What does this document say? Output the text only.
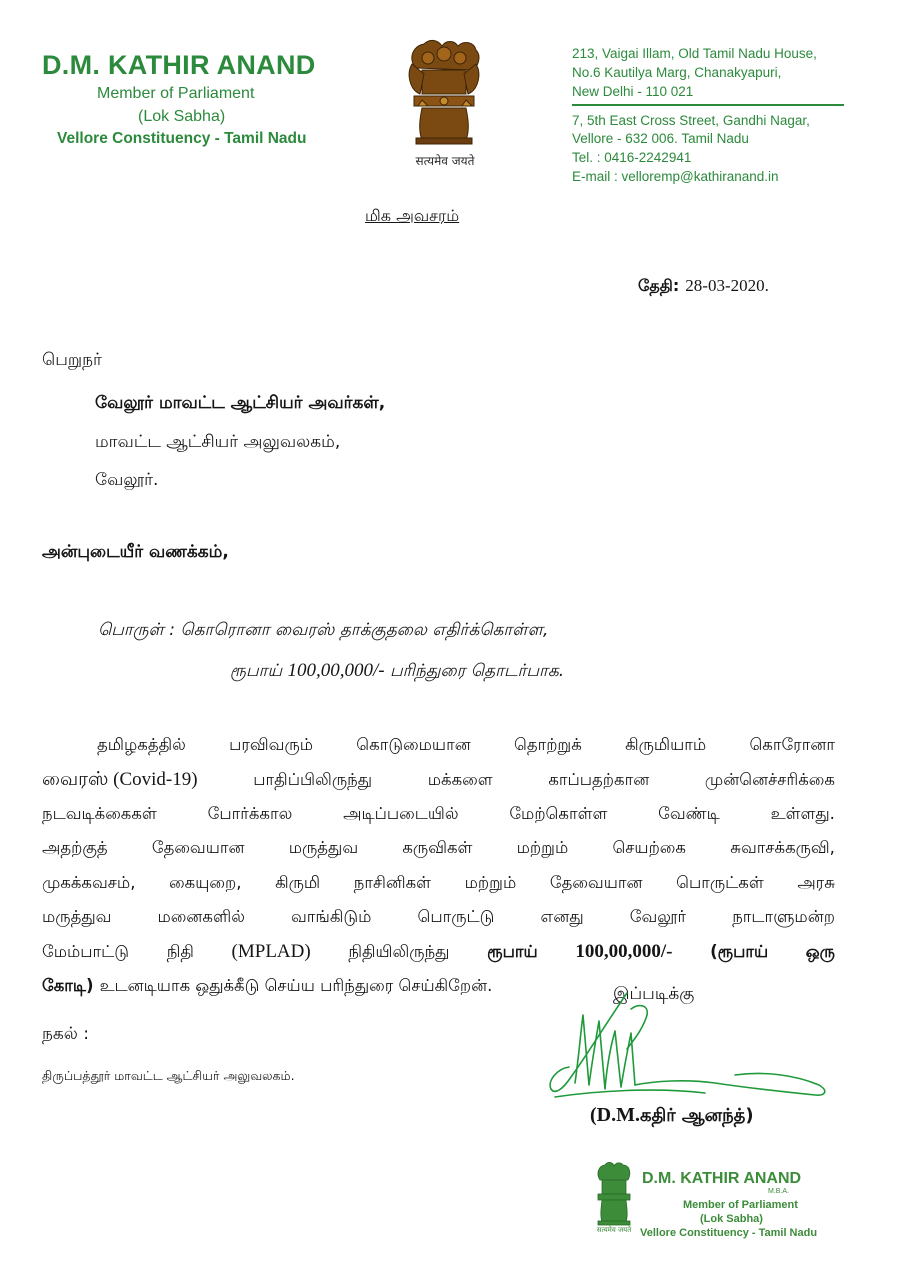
D.M. KATHIR ANAND
Member of Parliament
(Lok Sabha)
Vellore Constituency - Tamil Nadu
सत्यमेव जयते
213, Vaigai Illam, Old Tamil Nadu House,
No.6 Kautilya Marg, Chanakyapuri,
New Delhi - 110 021
7, 5th East Cross Street, Gandhi Nagar,
Vellore - 632 006. Tamil Nadu
Tel. : 0416-2242941
E-mail : velloremp@kathiranand.in
மிக அவசரம்
தேதி: 28-03-2020.
பெறுநர்
வேலூர் மாவட்ட ஆட்சியர் அவர்கள்,
மாவட்ட ஆட்சியர் அலுவலகம்,
வேலூர்.
அன்புடையீர் வணக்கம்,
பொருள் : கொரொனா வைரஸ் தாக்குதலை எதிர்க்கொள்ள,
ரூபாய் 100,00,000/- பரிந்துரை தொடர்பாக.
தமிழகத்தில்	பரவிவரும்	கொடுமையான	தொற்றுக்	கிருமியாம்	கொரோனா
வைரஸ் (Covid-19)	பாதிப்பிலிருந்து	மக்களை	காப்பதற்கான	முன்னெச்சரிக்கை
நடவடிக்கைகள்	போர்க்கால	அடிப்படையில்	மேற்கொள்ள	வேண்டி	உள்ளது.
அதற்குத்	தேவையான	மருத்துவ	கருவிகள்	மற்றும்	செயற்கை	சுவாசக்கருவி,
முகக்கவசம், கையுறை, கிருமி நாசினிகள் மற்றும் தேவையான பொருட்கள் அரசு
மருத்துவ	மனைகளில்	வாங்கிடும்	பொருட்டு	எனது	வேலூர்	நாடாளுமன்ற
மேம்பாட்டு நிதி (MPLAD) நிதியிலிருந்து ரூபாய் 100,00,000/- (ரூபாய் ஒரு
கோடி) உடனடியாக ஒதுக்கீடு செய்ய பரிந்துரை செய்கிறேன்.	இப்படிக்கு
(D.M.கதிர் ஆனந்த்)
நகல் :
திருப்பத்தூர் மாவட்ட ஆட்சியர் அலுவலகம்.
सत्यमेव जयते
D.M. KATHIR ANAND
M.B.A.
Member of Parliament
(Lok Sabha)
Vellore Constituency - Tamil Nadu
